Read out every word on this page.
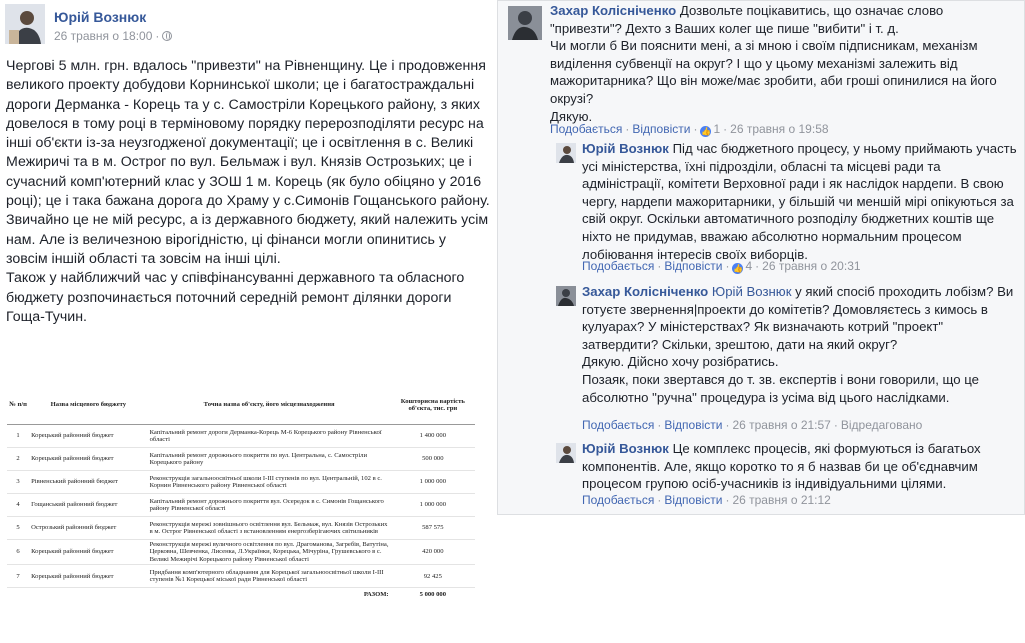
Юрій Вознюк
26 травня о 18:00 ·

Чергові 5 млн. грн. вдалось "привезти" на Рівненщину. Це і продовження великого проекту добудови Корнинської школи; це і багатостраждальні дороги Дерманка - Корець та у с. Самостріли Корецького району, з яких довелося в тому році в терміновому порядку перерозподіляти ресурс на інші об'єкти із-за неузгодженої документації; це і освітлення в с. Великі Межиричі та в м. Острог по вул. Бельмаж і вул. Князів Острозьких; це і сучасний комп'ютерний клас у ЗОШ 1 м. Корець (як було обіцяно у 2016 році); це і така бажана дорога до Храму у с.Симонів Гощанського району.

Звичайно це не мій ресурс, а із державного бюджету, який належить усім нам. Але із величезною вірогідністю, ці фінанси могли опинитись у зовсім іншій області та зовсім на інші цілі.

Також у найближчий час у співфінансуванні державного та обласного бюджету розпочинається поточний середній ремонт ділянки дороги Гоща-Тучин.

№ п/п	Назва місцевого бюджету	Точна назва об'єкту, його місцезнаходження	Кошторисна вартість об'єкта, тис. грн
1	Корецький районний бюджет	Капітальний ремонт дороги Дерманка-Корець М-6 Корецького району Рівненської області	1 400 000
2	Корецький районний бюджет	Капітальний ремонт дорожнього покриття по вул. Центральна, с. Самостріли Корецького району	500 000
3	Рівненський районний бюджет	Реконструкція загальноосвітньої школи І-ІІІ ступенів по вул. Центральній, 102 в с. Корнин Рівненського району Рівненської області	1 000 000
4	Гощанський районний бюджет	Капітальний ремонт дорожнього покриття вул. Осередок в с. Симонів Гощанського району Рівненської області	1 000 000
5	Острозький районний бюджет	Реконструкція мережі зовнішнього освітлення вул. Бельмаж, вул. Князів Острозьких в м. Острог Рівненської області з встановленням енергозберігаючих світильників	587 575
6	Корецький районний бюджет	Реконструкція мережі вуличного освітлення по вул. Драгоманова, Загребів, Ватутіна, Церковна, Шевченка, Лисенка, Л.Українки, Корецька, Мічуріна, Грушевського в с. Великі Межирічі Корецького району Рівненської області	420 000
7	Корецький районний бюджет	Придбання комп'ютерного обладнання для Корецької загальноосвітньої школи І-ІІІ ступенів №1 Корецької міської ради Рівненської області	92 425
		РАЗОМ:	5 000 000

Захар Колісніченко Дозвольте поцікавитись, що означає слово "привезти"? Дехто з Ваших колег ще пише "вибити" і т. д.

Чи могли б Ви пояснити мені, а зі мною і своїм підписникам, механізм виділення субвенції на округ? І що у цьому механізмі залежить від мажоритарника? Що він може/має зробити, аби гроші опинилися на його окрузі?

Дякую.

Подобається · Відповісти · 👍 1 · 26 травня о 19:58

Юрій Вознюк Під час бюджетного процесу, у ньому приймають участь усі міністерства, їхні підрозділи, обласні та місцеві ради та адміністрації, комітети Верховної ради і як наслідок нардепи. В свою чергу, нардепи мажоритарники, у більшій чи меншій мірі опікуються за свій округ. Оскільки автоматичного розподілу бюджетних коштів ще ніхто не придумав, вважаю абсолютно нормальним процесом лобіювання інтересів своїх виборців.

Подобається · Відповісти · 👍 4 · 26 травня о 20:31

Захар Колісніченко Юрій Вознюк у який спосіб проходить лобізм? Ви готуєте звернення|проекти до комітетів? Домовляєтесь з кимось в кулуарах? У міністерствах? Як визначають котрий "проект" затвердити? Скільки, зрештою, дати на який округ?

Дякую. Дійсно хочу розібратись.

Позаяк, поки звертався до т. зв. експертів і вони говорили, що це абсолютно "ручна" процедура із усіма від цього наслідками.

Подобається · Відповісти · 26 травня о 21:57 · Відредаговано

Юрій Вознюк Це комплекс процесів, які формуються із багатьох компонентів. Але, якщо коротко то я б назвав би це об'єднавчим процесом групою осіб-учасників із індивідуальними цілями.

Подобається · Відповісти · 26 травня о 21:12
